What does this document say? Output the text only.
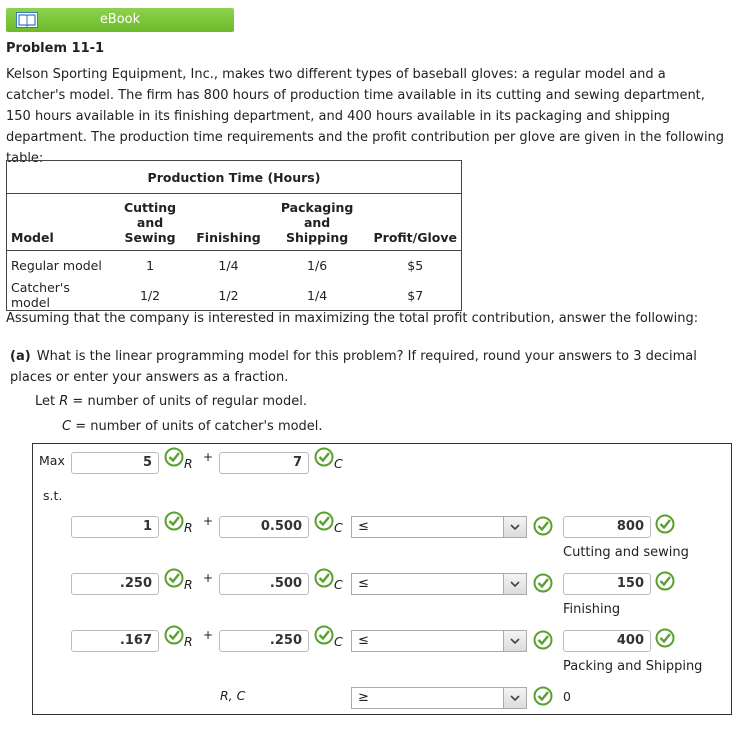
eBook
Problem 11-1
Kelson Sporting Equipment, Inc., makes two different types of baseball gloves: a regular model and a catcher's model. The firm has 800 hours of production time available in its cutting and sewing department, 150 hours available in its finishing department, and 400 hours available in its packaging and shipping department. The production time requirements and the profit contribution per glove are given in the following table:
Production Time (Hours)				
	Cutting and		Packaging and	
Model	Sewing	Finishing	Shipping	Profit/Glove
Regular model	1	1/4	1/6	$5
Catcher's model	1/2	1/2	1/4	$7
Assuming that the company is interested in maximizing the total profit contribution, answer the following:
(a) What is the linear programming model for this problem? If required, round your answers to 3 decimal places or enter your answers as a fraction.
Let R = number of units of regular model.
C = number of units of catcher's model.
Max	5	R +	7	C
s.t.
1	R +	0.500	C	≤	800
Cutting and sewing
.250	R +	.500	C	≤	150
Finishing
.167	R +	.250	C	≤	400
Packing and Shipping
R, C	≥	0
